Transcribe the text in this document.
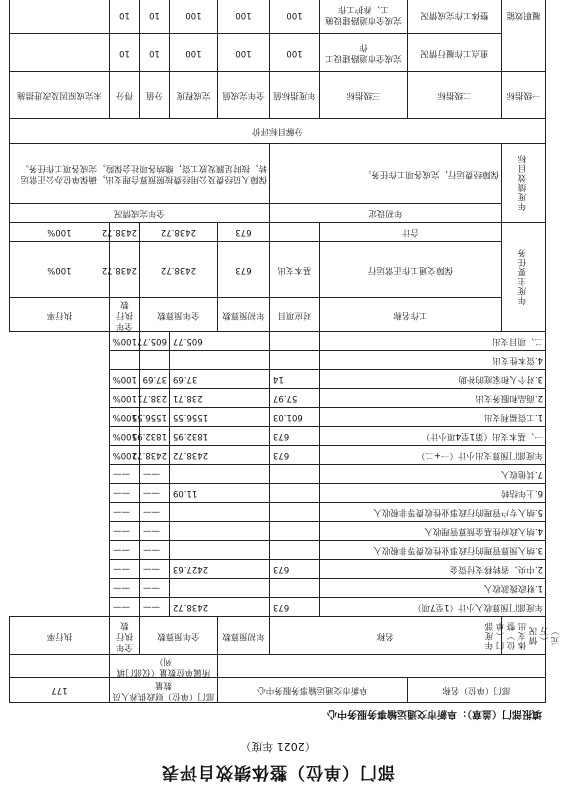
部门（单位）整体绩效自评表
（2021 年度）
填报部门（盖章）：阜新市交通运输事务服务中心
部门（单位）名称		阜新市交通运输事务服务中心			部门（单位）财政供养人员数量			177
					所属单位数量（仅部门填列）			
年度部门（单位）整体支出情况（万元）	名称			年初预算数	全年预算数		全年执行数	执行率
年度部门预算收入小计（1至7项）			673	2438.72		——	——	
1.财政拨款收入						——	——	
2.中央、省转移支付资金			673	2427.63		——	——	
3.纳入预算管理的行政事业性收费等非税收入						——	——	
4.纳入政府性基金预算管理收入						——	——	
5.纳入专户管理的行政事业性收费等非税收入						——	——	
6.上年结转				11.09		——	——	
7.其他收入						——	——	
年度部门预算支出小计（一+二）			673	2438.72		2438.72	100%	
一、基本支出（第1至4项小计）			673	1832.95		1832.95	100%	
1.工资福利支出			601.03	1556.55		1556.55	100%	
2.商品和服务支出			57.97	238.71		238.71	100%	
3.对个人和家庭的补助			14	37.69		37.69	100%	
4.资本性支出								
二、项目支出				605.77		605.77	100%	
年度主要任务	工作名称		对应项目	年初预算数	全年预算数		全年执行数	执行率
	保障交通工作正常运行		基本支出	673	2438.72		2438.72	100%
	合计			673	2438.72		2438.72	100%
年度绩效目标	年初设定			全年完成情况				
	保障经费运行，完成各项工作任务。			保障人员经费及公用经费按照预算合理支出，确保单位办公正常运转，按时足额发放工资，缴纳各项社会保险，完成各项工作任务。				
分解目标评价								
一级指标	二级指标	三级指标	年度指标值	全年完成值	完成程度	分值	得分	未完成原因及改进措施
履职效能	重点工作履行情况	完成全市道路建设工作	100	100	100	10	10	
	整体工作完成情况	完成全市道路建设施工、养护工作	100	100	100	10	10	
